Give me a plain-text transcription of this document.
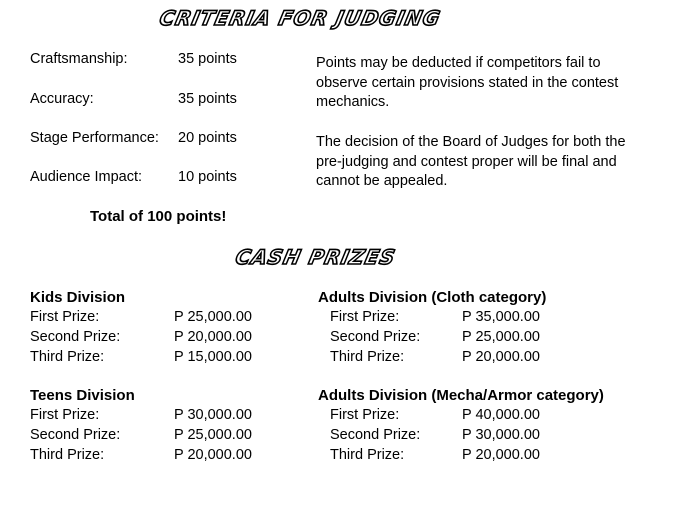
CRITERIA FOR JUDGING
Craftsmanship:	35 points
Accuracy:	35 points
Stage Performance: 20 points
Audience Impact: 10 points
Total of 100 points!
Points may be deducted if competitors fail to observe certain provisions stated in the contest mechanics.
The decision of the Board of Judges for both the pre-judging and contest proper will be final and cannot be appealed.
CASH PRIZES
Kids Division
First Prize:	P 25,000.00
Second Prize:	P 20,000.00
Third Prize:	P 15,000.00
Adults Division (Cloth category)
First Prize:	P 35,000.00
Second Prize:	P 25,000.00
Third Prize:	P 20,000.00
Teens Division
First Prize:	P 30,000.00
Second Prize:	P 25,000.00
Third Prize:	P 20,000.00
Adults Division (Mecha/Armor category)
First Prize:	P 40,000.00
Second Prize:	P 30,000.00
Third Prize:	P 20,000.00
